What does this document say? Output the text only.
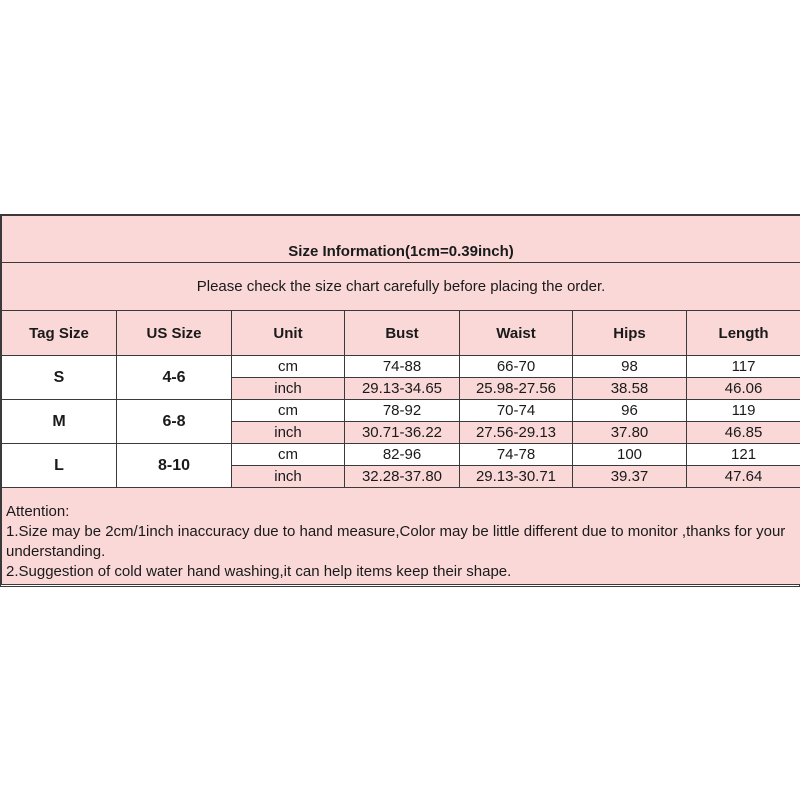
Size Information(1cm=0.39inch)						
Please check the size chart carefully before placing the order.						
Tag Size	US Size	Unit	Bust	Waist	Hips	Length
S	4-6	cm	74-88	66-70	98	117
		inch	29.13-34.65	25.98-27.56	38.58	46.06
M	6-8	cm	78-92	70-74	96	119
		inch	30.71-36.22	27.56-29.13	37.80	46.85
L	8-10	cm	82-96	74-78	100	121
		inch	32.28-37.80	29.13-30.71	39.37	47.64

Attention:

1.Size may be 2cm/1inch inaccuracy due to hand measure,Color may be little different due to monitor ,thanks for your understanding.

2.Suggestion of cold water hand washing,it can help items keep their shape.						
